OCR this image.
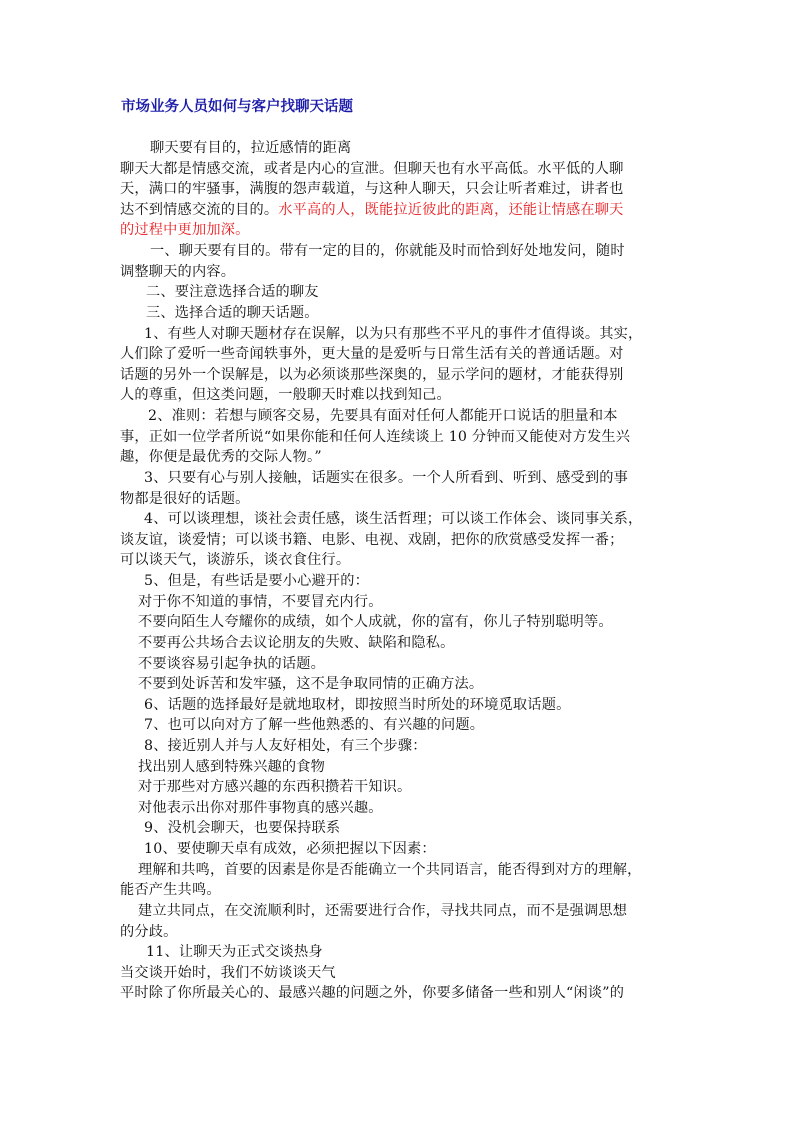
市场业务人员如何与客户找聊天话题
聊天要有目的，拉近感情的距离
聊天大都是情感交流，或者是内心的宣泄。但聊天也有水平高低。水平低的人聊
天，满口的牢骚事，满腹的怨声载道，与这种人聊天，只会让听者难过，讲者也
达不到情感交流的目的。水平高的人，既能拉近彼此的距离，还能让情感在聊天
的过程中更加加深。
一、聊天要有目的。带有一定的目的，你就能及时而恰到好处地发问，随时
调整聊天的内容。
二、要注意选择合适的聊友
三、选择合适的聊天话题。
1、有些人对聊天题材存在误解，以为只有那些不平凡的事件才值得谈。其实，
人们除了爱听一些奇闻轶事外，更大量的是爱听与日常生活有关的普通话题。对
话题的另外一个误解是，以为必须谈那些深奥的，显示学问的题材，才能获得别
人的尊重，但这类问题，一般聊天时难以找到知己。
2、准则：若想与顾客交易，先要具有面对任何人都能开口说话的胆量和本
事，正如一位学者所说“如果你能和任何人连续谈上 10 分钟而又能使对方发生兴
趣，你便是最优秀的交际人物。”
3、只要有心与别人接触，话题实在很多。一个人所看到、听到、感受到的事
物都是很好的话题。
4、可以谈理想，谈社会责任感，谈生活哲理；可以谈工作体会、谈同事关系，
谈友谊，谈爱情；可以谈书籍、电影、电视、戏剧，把你的欣赏感受发挥一番；
可以谈天气，谈游乐，谈衣食住行。
5、但是，有些话是要小心避开的：
对于你不知道的事情，不要冒充内行。
不要向陌生人夸耀你的成绩，如个人成就，你的富有，你儿子特别聪明等。
不要再公共场合去议论朋友的失败、缺陷和隐私。
不要谈容易引起争执的话题。
不要到处诉苦和发牢骚，这不是争取同情的正确方法。
6、话题的选择最好是就地取材，即按照当时所处的环境觅取话题。
7、也可以向对方了解一些他熟悉的、有兴趣的问题。
8、接近别人并与人友好相处，有三个步骤：
找出别人感到特殊兴趣的食物
对于那些对方感兴趣的东西积攒若干知识。
对他表示出你对那件事物真的感兴趣。
9、没机会聊天，也要保持联系
10、要使聊天卓有成效，必须把握以下因素：
理解和共鸣，首要的因素是你是否能确立一个共同语言，能否得到对方的理解，
能否产生共鸣。
建立共同点，在交流顺利时，还需要进行合作，寻找共同点，而不是强调思想
的分歧。
11、让聊天为正式交谈热身
当交谈开始时，我们不妨谈谈天气
平时除了你所最关心的、最感兴趣的问题之外，你要多储备一些和别人“闲谈”的
